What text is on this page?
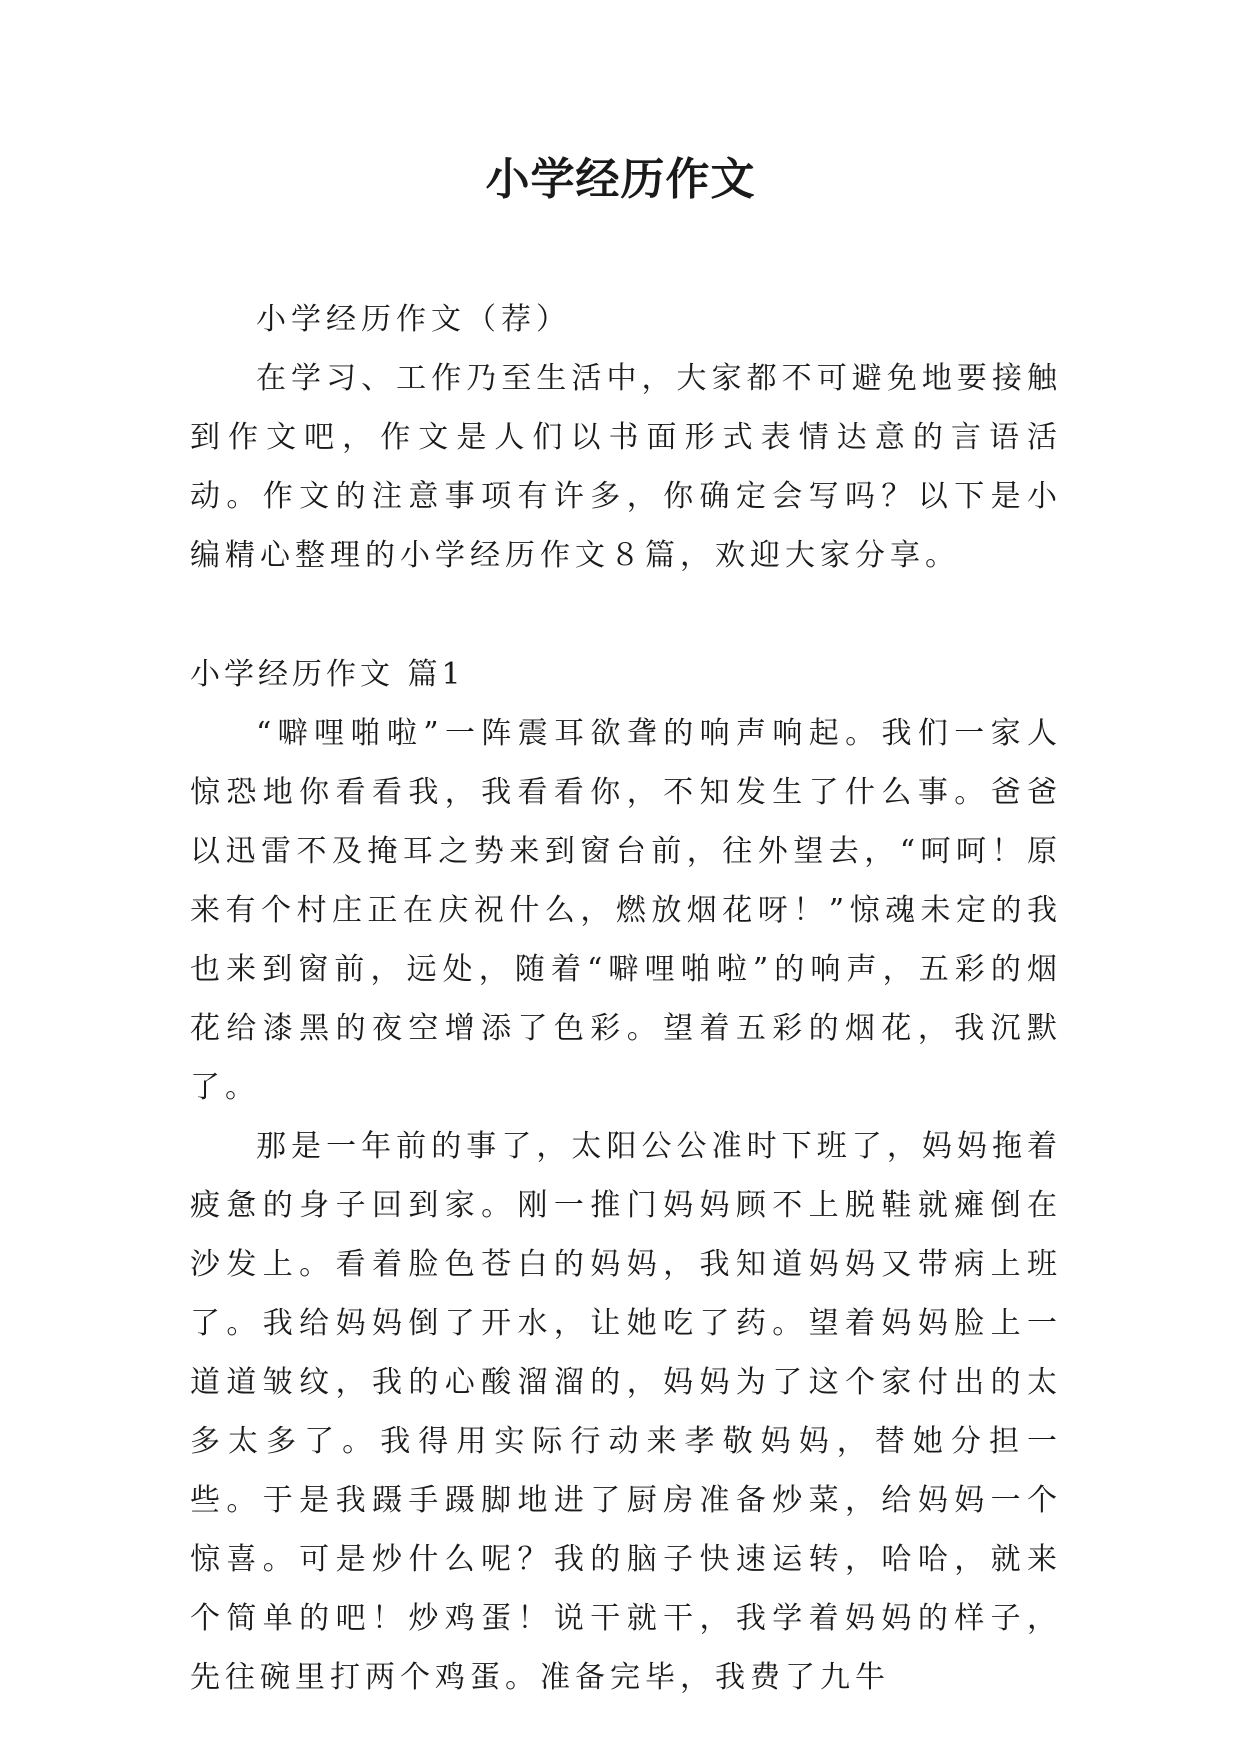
小学经历作文

小学经历作文（荐）

在学习、工作乃至生活中，大家都不可避免地要接触到作文吧，作文是人们以书面形式表情达意的言语活动。作文的注意事项有许多，你确定会写吗？以下是小编精心整理的小学经历作文８篇，欢迎大家分享。

小学经历作文 篇1

“噼哩啪啦”一阵震耳欲聋的响声响起。我们一家人惊恐地你看看我，我看看你，不知发生了什么事。爸爸以迅雷不及掩耳之势来到窗台前，往外望去，“呵呵！原来有个村庄正在庆祝什么，燃放烟花呀！”惊魂未定的我也来到窗前，远处，随着“噼哩啪啦”的响声，五彩的烟花给漆黑的夜空增添了色彩。望着五彩的烟花，我沉默了。

那是一年前的事了，太阳公公准时下班了，妈妈拖着疲惫的身子回到家。刚一推门妈妈顾不上脱鞋就瘫倒在沙发上。看着脸色苍白的妈妈，我知道妈妈又带病上班了。我给妈妈倒了开水，让她吃了药。望着妈妈脸上一道道皱纹，我的心酸溜溜的，妈妈为了这个家付出的太多太多了。我得用实际行动来孝敬妈妈，替她分担一些。于是我蹑手蹑脚地进了厨房准备炒菜，给妈妈一个惊喜。可是炒什么呢？我的脑子快速运转，哈哈，就来个简单的吧！炒鸡蛋！说干就干，我学着妈妈的样子，先往碗里打两个鸡蛋。准备完毕，我费了九牛
